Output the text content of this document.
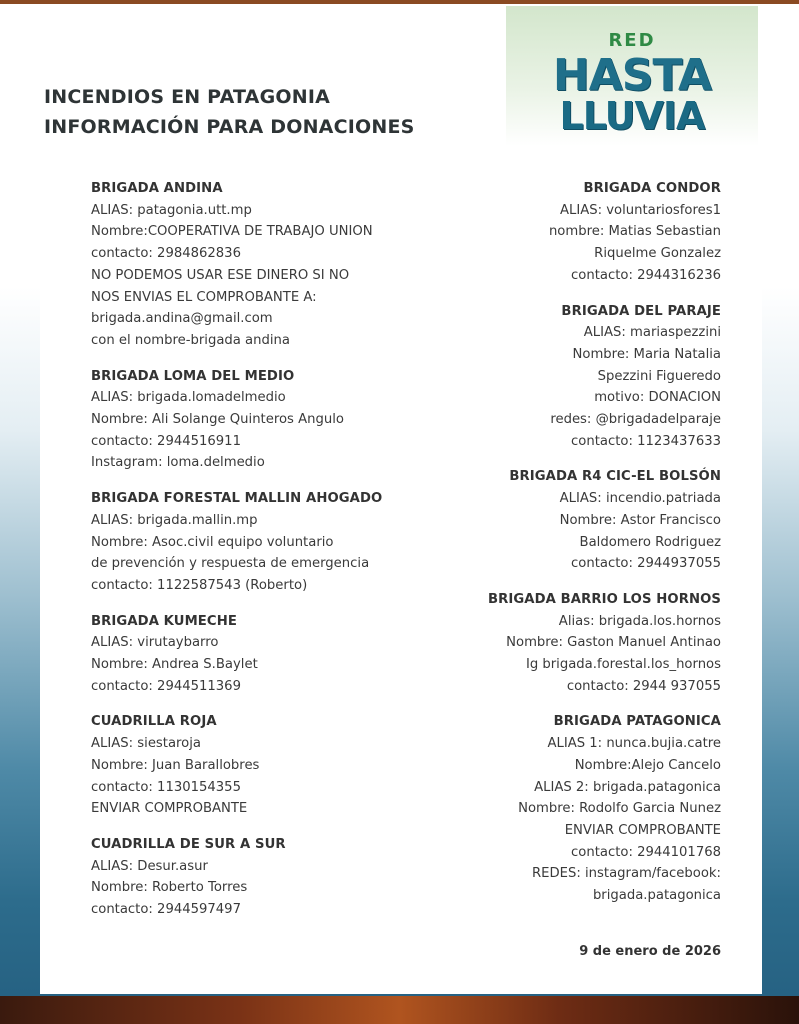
RED
HASTA
LLUVIA
INCENDIOS EN PATAGONIA
INFORMACIÓN PARA DONACIONES
BRIGADA ANDINA
ALIAS: patagonia.utt.mp
Nombre:COOPERATIVA DE TRABAJO UNION
contacto: 2984862836
NO PODEMOS USAR ESE DINERO SI NO
NOS ENVIAS EL COMPROBANTE A:
brigada.andina@gmail.com
con el nombre-brigada andina
BRIGADA LOMA DEL MEDIO
ALIAS: brigada.lomadelmedio
Nombre: Ali Solange Quinteros Angulo
contacto: 2944516911
Instagram: loma.delmedio
BRIGADA FORESTAL MALLIN AHOGADO
ALIAS: brigada.mallin.mp
Nombre: Asoc.civil equipo voluntario
de prevención y respuesta de emergencia
contacto: 1122587543 (Roberto)
BRIGADA KUMECHE
ALIAS: virutaybarro
Nombre: Andrea S.Baylet
contacto: 2944511369
CUADRILLA ROJA
ALIAS: siestaroja
Nombre: Juan Barallobres
contacto: 1130154355
ENVIAR COMPROBANTE
CUADRILLA DE SUR A SUR
ALIAS: Desur.asur
Nombre: Roberto Torres
contacto: 2944597497
BRIGADA CONDOR
ALIAS: voluntariosfores1
nombre: Matias Sebastian
Riquelme Gonzalez
contacto: 2944316236
BRIGADA DEL PARAJE
ALIAS: mariaspezzini
Nombre: Maria Natalia
Spezzini Figueredo
motivo: DONACION
redes: @brigadadelparaje
contacto: 1123437633
BRIGADA R4 CIC-EL BOLSÓN
ALIAS: incendio.patriada
Nombre: Astor Francisco
Baldomero Rodriguez
contacto: 2944937055
BRIGADA BARRIO LOS HORNOS
Alias: brigada.los.hornos
Nombre: Gaston Manuel Antinao
Ig brigada.forestal.los_hornos
contacto: 2944 937055
BRIGADA PATAGONICA
ALIAS 1: nunca.bujia.catre
Nombre:Alejo Cancelo
ALIAS 2: brigada.patagonica
Nombre: Rodolfo Garcia Nunez
ENVIAR COMPROBANTE
contacto: 2944101768
REDES: instagram/facebook:
brigada.patagonica
9 de enero de 2026
